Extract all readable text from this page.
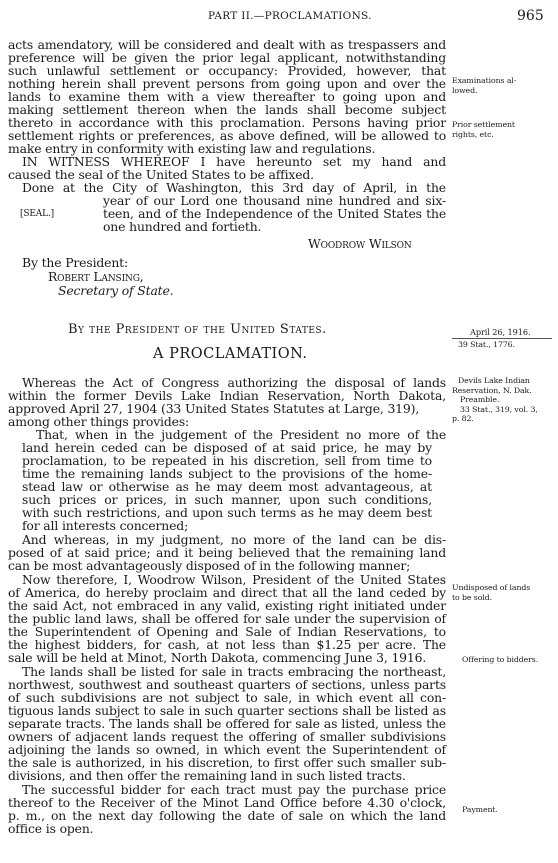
PART II.—PROCLAMATIONS.	965
acts amendatory, will be considered and dealt with as trespassers and
preference will be given the prior legal applicant, notwithstanding
such unlawful settlement or occupancy: Provided, however, that
nothing herein shall prevent persons from going upon and over the
lands to examine them with a view thereafter to going upon and
making settlement thereon when the lands shall become subject
thereto in accordance with this proclamation. Persons having prior
settlement rights or preferences, as above defined, will be allowed to
make entry in conformity with existing law and regulations.
IN WITNESS WHEREOF I have hereunto set my hand and
caused the seal of the United States to be affixed.
Done at the City of Washington, this 3rd day of April, in the
[SEAL.]
year of our Lord one thousand nine hundred and six-
teen, and of the Independence of the United States the
one hundred and fortieth.
Woodrow Wilson
By the President:
Robert Lansing,
Secretary of State.
Examinations al-
lowed.
Prior settlement
rights, etc.
By the President of the United States.
A PROCLAMATION.
April 26, 1916.
39 Stat., 1776.
Whereas the Act of Congress authorizing the disposal of lands
within the former Devils Lake Indian Reservation, North Dakota,
approved April 27, 1904 (33 United States Statutes at Large, 319),
among other things provides:
That, when in the judgement of the President no more of the
land herein ceded can be disposed of at said price, he may by
proclamation, to be repeated in his discretion, sell from time to
time the remaining lands subject to the provisions of the home-
stead law or otherwise as he may deem most advantageous, at
such prices or prices, in such manner, upon such conditions,
with such restrictions, and upon such terms as he may deem best
for all interests concerned;
And whereas, in my judgment, no more of the land can be dis-
posed of at said price; and it being believed that the remaining land
can be most advantageously disposed of in the following manner;
Now therefore, I, Woodrow Wilson, President of the United States
of America, do hereby proclaim and direct that all the land ceded by
the said Act, not embraced in any valid, existing right initiated under
the public land laws, shall be offered for sale under the supervision of
the Superintendent of Opening and Sale of Indian Reservations, to
the highest bidders, for cash, at not less than $1.25 per acre. The
sale will be held at Minot, North Dakota, commencing June 3, 1916.
The lands shall be listed for sale in tracts embracing the northeast,
northwest, southwest and southeast quarters of sections, unless parts
of such subdivisions are not subject to sale, in which event all con-
tiguous lands subject to sale in such quarter sections shall be listed as
separate tracts. The lands shall be offered for sale as listed, unless the
owners of adjacent lands request the offering of smaller subdivisions
adjoining the lands so owned, in which event the Superintendent of
the sale is authorized, in his discretion, to first offer such smaller sub-
divisions, and then offer the remaining land in such listed tracts.
The successful bidder for each tract must pay the purchase price
thereof to the Receiver of the Minot Land Office before 4.30 o'clock,
p. m., on the next day following the date of sale on which the land
office is open.
Devils Lake Indian
Reservation, N. Dak.
Preamble.
33 Stat., 319, vol. 3,
p. 82.
Undisposed of lands
to be sold.
Offering to bidders.
Payment.
